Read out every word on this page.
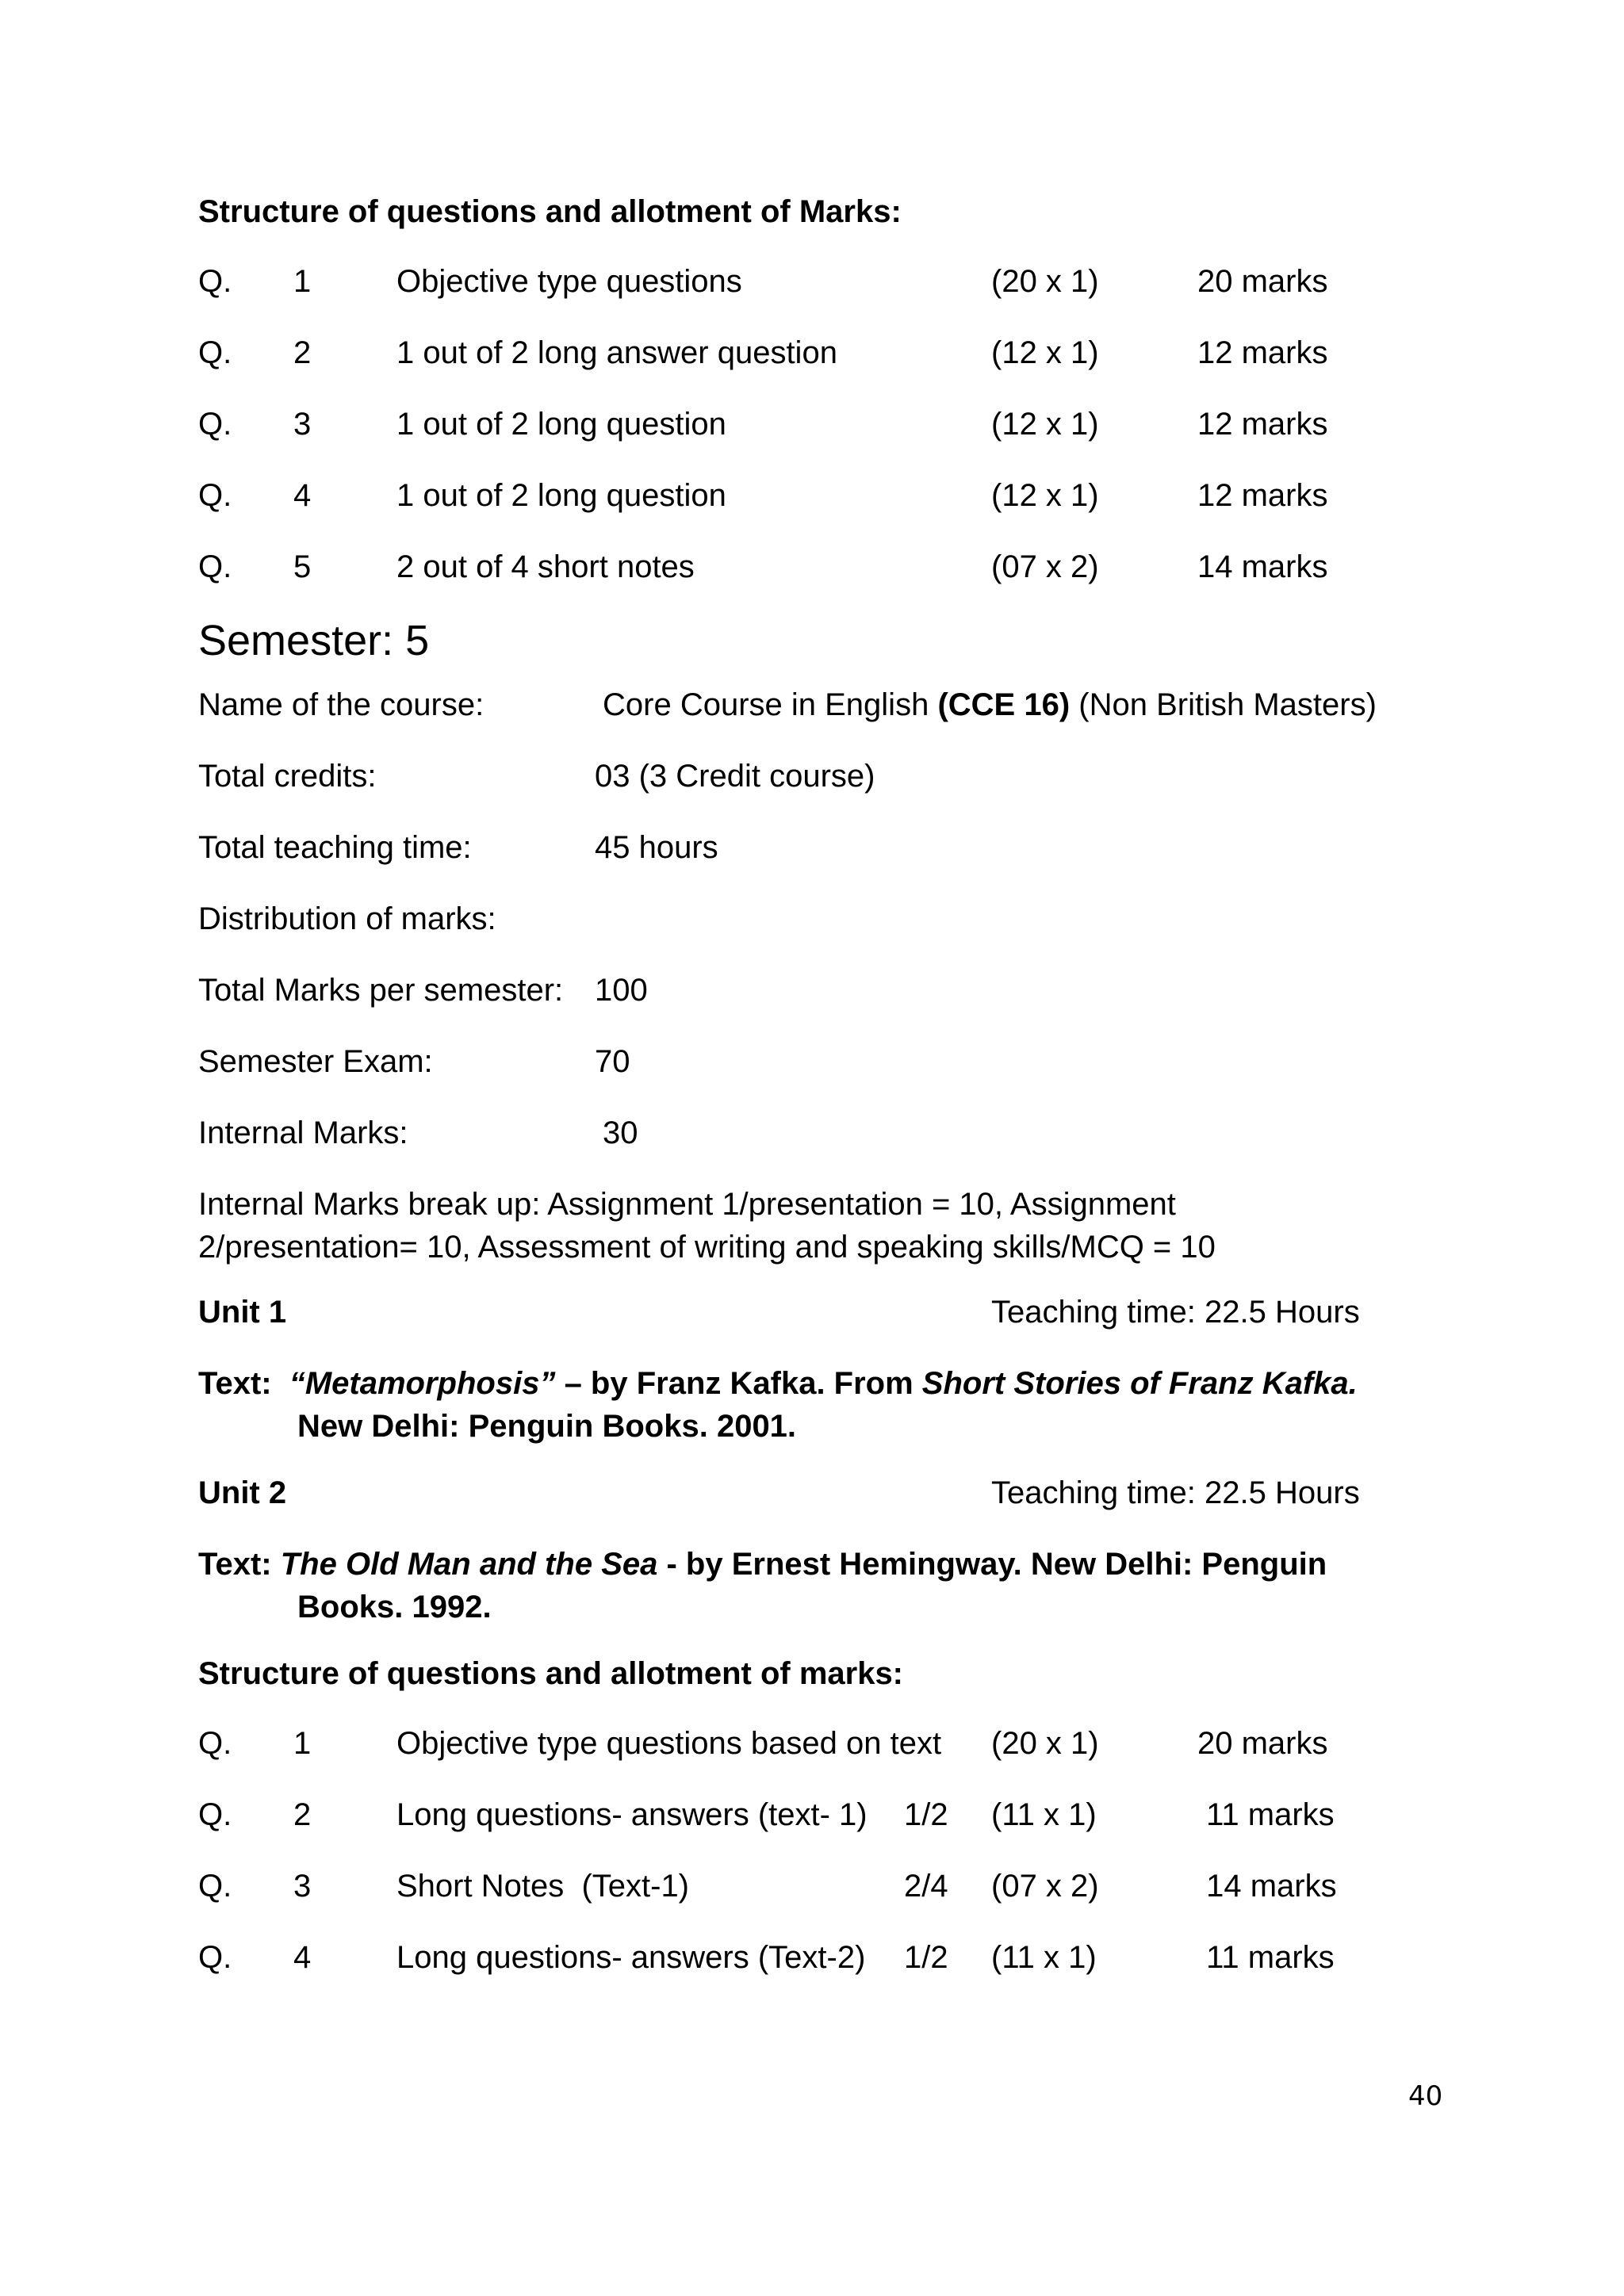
Structure of questions and allotment of Marks:
Q.	1	Objective type questions	(20 x 1)	20 marks
Q.	2	1 out of 2 long answer question	(12 x 1)	12 marks
Q.	3	1 out of 2 long question	(12 x 1)	12 marks
Q.	4	1 out of 2 long question	(12 x 1)	12 marks
Q.	5	2 out of 4 short notes	(07 x 2)	14 marks
Semester: 5
Name of the course:	Core Course in English (CCE 16) (Non British Masters)
Total credits:	03 (3 Credit course)
Total teaching time:	45 hours
Distribution of marks:
Total Marks per semester: 100
Semester Exam:	70
Internal Marks:	30
Internal Marks break up: Assignment 1/presentation = 10, Assignment
2/presentation= 10, Assessment of writing and speaking skills/MCQ = 10
Unit 1	Teaching time: 22.5 Hours
Text: “Metamorphosis” – by Franz Kafka. From Short Stories of Franz Kafka.
New Delhi: Penguin Books. 2001.
Unit 2	Teaching time: 22.5 Hours
Text: The Old Man and the Sea - by Ernest Hemingway. New Delhi: Penguin
Books. 1992.
Structure of questions and allotment of marks:
Q.	1	Objective type questions based on text	(20 x 1)	20 marks
Q.	2	Long questions- answers (text- 1)	1/2	(11 x 1)	11 marks
Q.	3	Short Notes  (Text-1)	2/4	(07 x 2)	14 marks
Q.	4	Long questions- answers (Text-2)	1/2	(11 x 1)	11 marks
40
